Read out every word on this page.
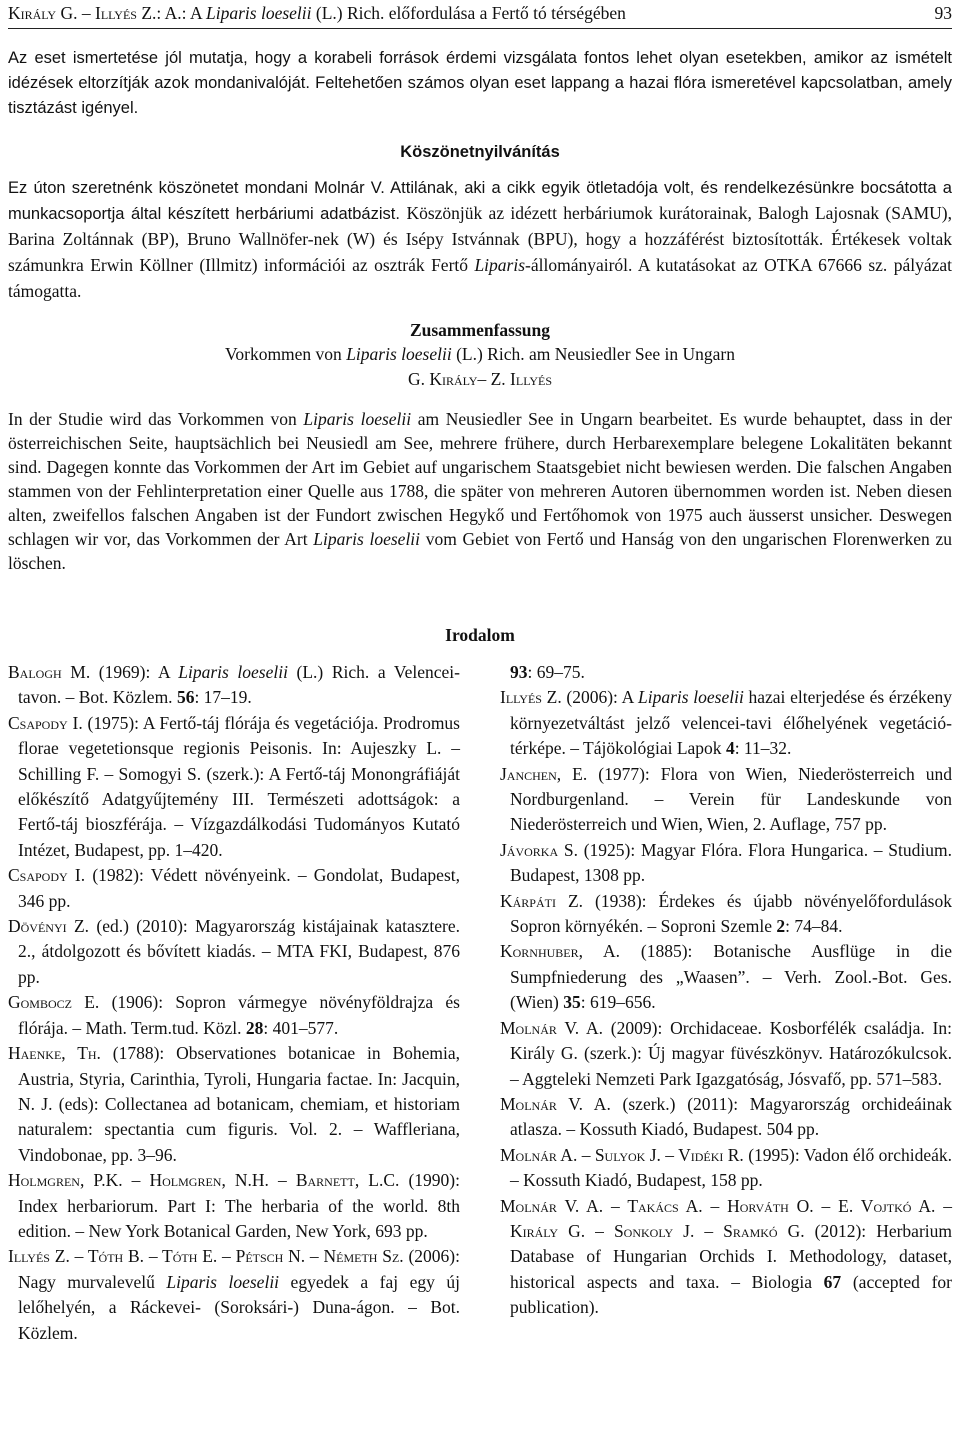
Király G. – Illyés Z.: A.: A Liparis loeselii (L.) Rich. előfordulása a Fertő tó térségében	93

Az eset ismertetése jól mutatja, hogy a korabeli források érdemi vizsgálata fontos lehet olyan esetekben, amikor az ismételt idézések eltorzítják azok mondanivalóját. Feltehetően számos olyan eset lappang a hazai flóra ismeretével kapcsolatban, amely tisztázást igényel.

Köszönetnyilvánítás

Ez úton szeretnénk köszönetet mondani Molnár V. Attilának, aki a cikk egyik ötletadója volt, és rendelkezésünkre bocsátotta a munkacsoportja által készített herbáriumi adatbázist. Köszönjük az idézett herbáriumok kurátorainak, Balogh Lajosnak (SAMU), Barina Zoltánnak (BP), Bruno Wallnöfer-nek (W) és Isépy Istvánnak (BPU), hogy a hozzáférést biztosították. Értékesek voltak számunkra Erwin Köllner (Illmitz) információi az osztrák Fertő Liparis-állományairól. A kutatásokat az OTKA 67666 sz. pályázat támogatta.

Zusammenfassung
Vorkommen von Liparis loeselii (L.) Rich. am Neusiedler See in Ungarn
G. Király– Z. Illyés

In der Studie wird das Vorkommen von Liparis loeselii am Neusiedler See in Ungarn bearbeitet. Es wurde behauptet, dass in der österreichischen Seite, hauptsächlich bei Neusiedl am See, mehrere frühere, durch Herbarexemplare belegene Lokalitäten bekannt sind. Dagegen konnte das Vorkommen der Art im Gebiet auf ungarischem Staatsgebiet nicht bewiesen werden. Die falschen Angaben stammen von der Fehlinterpretation einer Quelle aus 1788, die später von mehreren Autoren übernommen worden ist. Neben diesen alten, zweifellos falschen Angaben ist der Fundort zwischen Hegykő und Fertőhomok von 1975 auch äusserst unsicher. Deswegen schlagen wir vor, das Vorkommen der Art Liparis loeselii vom Gebiet von Fertő und Hanság von den ungarischen Florenwerken zu löschen.

Irodalom

Balogh M. (1969): A Liparis loeselii (L.) Rich. a Velencei-tavon. – Bot. Közlem. 56: 17–19.

Csapody I. (1975): A Fertő-táj flórája és vegetációja. Prodromus florae vegetetionsque regionis Peisonis. In: Aujeszky L. – Schilling F. – Somogyi S. (szerk.): A Fertő-táj Monongráfiáját előkészítő Adatgyűjtemény III. Természeti adottságok: a Fertő-táj bioszférája. – Vízgazdálkodási Tudományos Kutató Intézet, Budapest, pp. 1–420.

Csapody I. (1982): Védett növényeink. – Gondolat, Budapest, 346 pp.

Dövényi Z. (ed.) (2010): Magyarország kistájainak katasztere. 2., átdolgozott és bővített kiadás. – MTA FKI, Budapest, 876 pp.

Gombocz E. (1906): Sopron vármegye növényföldrajza és flórája. – Math. Term.tud. Közl. 28: 401–577.

Haenke, Th. (1788): Observationes botanicae in Bohemia, Austria, Styria, Carinthia, Tyroli, Hungaria factae. In: Jacquin, N. J. (eds): Collectanea ad botanicam, chemiam, et historiam naturalem: spectantia cum figuris. Vol. 2. – Waffleriana, Vindobonae, pp. 3–96.

Holmgren, P.K. – Holmgren, N.H. – Barnett, L.C. (1990): Index herbariorum. Part I: The herbaria of the world. 8th edition. – New York Botanical Garden, New York, 693 pp.

Illyés Z. – Tóth B. – Tóth E. – Pétsch N. – Németh Sz. (2006): Nagy murvalevelű Liparis loeselii egyedek a faj egy új lelőhelyén, a Ráckevei- (Soroksári-) Duna-ágon. – Bot. Közlem.

93: 69–75.

Illyés Z. (2006): A Liparis loeselii hazai elterjedése és érzékeny környezetváltást jelző velencei-tavi élőhelyének vegetáció-térképe. – Tájökológiai Lapok 4: 11–32.

Janchen, E. (1977): Flora von Wien, Niederösterreich und Nordburgenland. – Verein für Landeskunde von Niederösterreich und Wien, Wien, 2. Auflage, 757 pp.

Jávorka S. (1925): Magyar Flóra. Flora Hungarica. – Studium. Budapest, 1308 pp.

Kárpáti Z. (1938): Érdekes és újabb növényelőfordulások Sopron környékén. – Soproni Szemle 2: 74–84.

Kornhuber, A. (1885): Botanische Ausflüge in die Sumpfniederung des „Waasen”. – Verh. Zool.-Bot. Ges. (Wien) 35: 619–656.

Molnár V. A. (2009): Orchidaceae. Kosborfélék családja. In: Király G. (szerk.): Új magyar füvészkönyv. Határozókulcsok. – Aggteleki Nemzeti Park Igazgatóság, Jósvafő, pp. 571–583.

Molnár V. A. (szerk.) (2011): Magyarország orchideáinak atlasza. – Kossuth Kiadó, Budapest. 504 pp.

Molnár A. – Sulyok J. – Vidéki R. (1995): Vadon élő orchideák. – Kossuth Kiadó, Budapest, 158 pp.

Molnár V. A. – Takács A. – Horváth O. – E. Vojtkó A. – Király G. – Sonkoly J. – Sramkó G. (2012): Herbarium Database of Hungarian Orchids I. Methodology, dataset, historical aspects and taxa. – Biologia 67 (accepted for publication).
